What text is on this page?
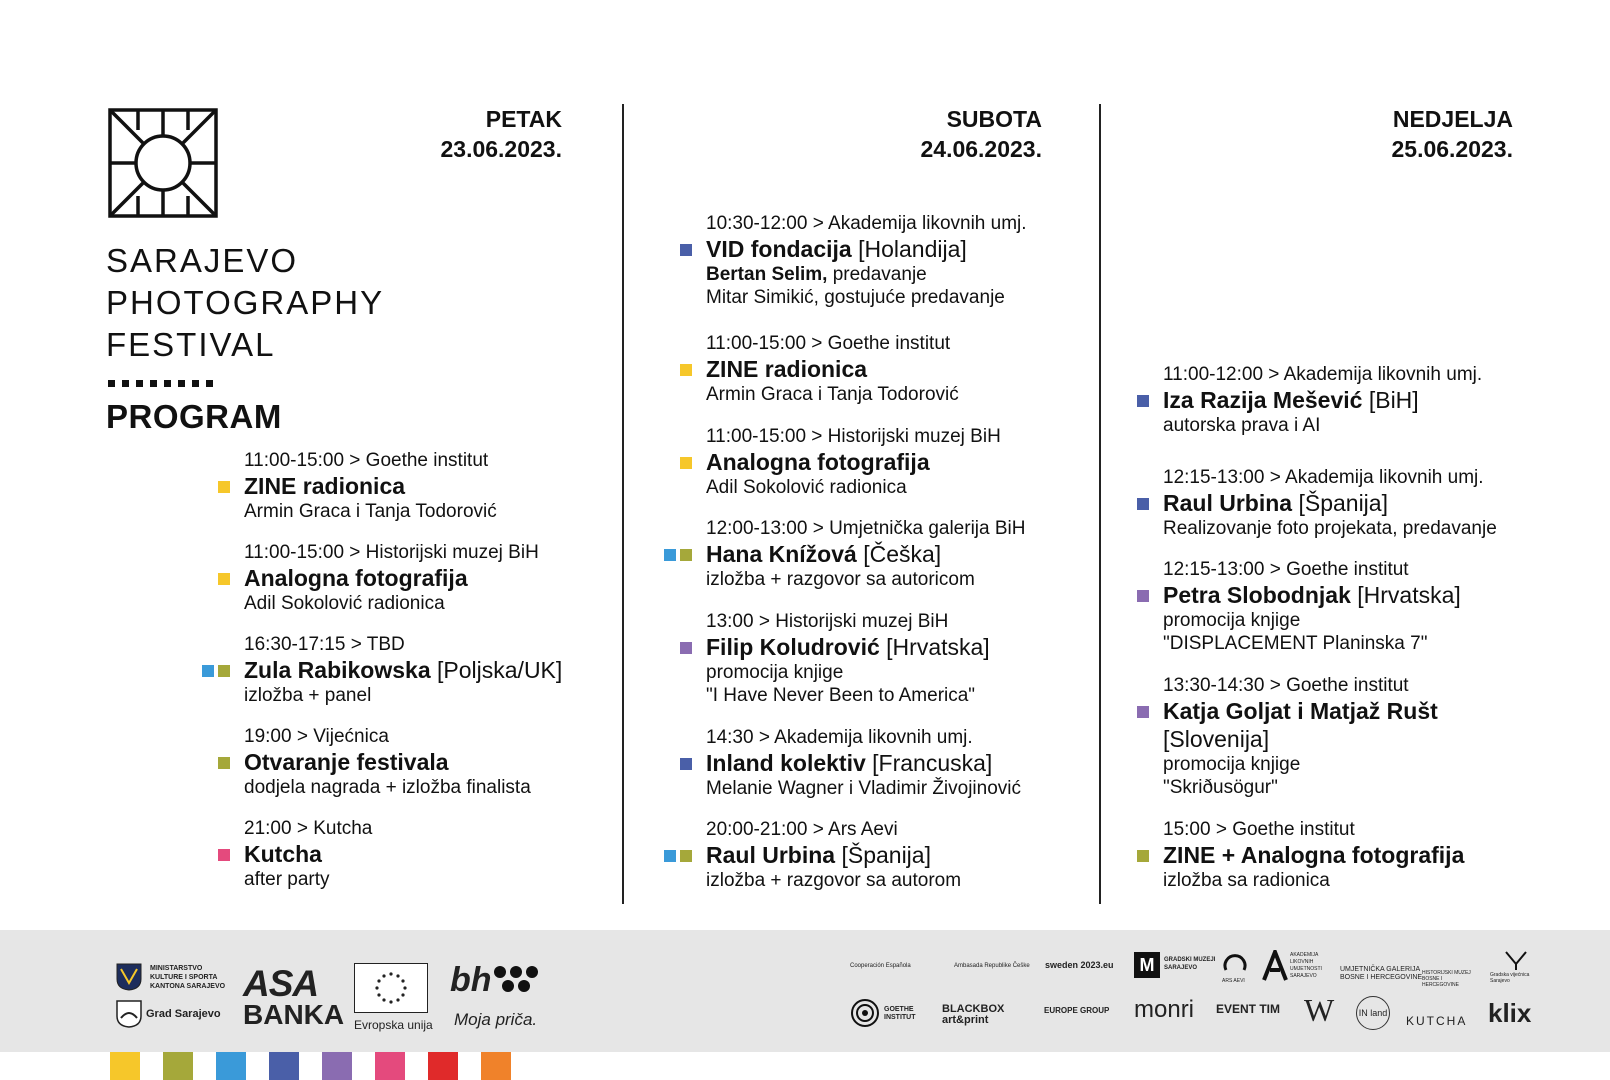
SARAJEVO
PHOTOGRAPHY
FESTIVAL
PROGRAM
PETAK
23.06.2023.
SUBOTA
24.06.2023.
NEDJELJA
25.06.2023.
11:00-15:00 > Goethe institut
ZINE radionica
Armin Graca i Tanja Todorović
11:00-15:00 > Historijski muzej BiH
Analogna fotografija
Adil Sokolović radionica
16:30-17:15 > TBD
Zula Rabikowska [Poljska/UK]
izložba + panel
19:00 > Vijećnica
Otvaranje festivala
dodjela nagrada + izložba finalista
21:00 > Kutcha
Kutcha
after party
10:30-12:00 > Akademija likovnih umj.
VID fondacija [Holandija]
Bertan Selim, predavanje
Mitar Simikić, gostujuće predavanje
11:00-15:00 > Goethe institut
ZINE radionica
Armin Graca i Tanja Todorović
11:00-15:00 > Historijski muzej BiH
Analogna fotografija
Adil Sokolović radionica
12:00-13:00 > Umjetnička galerija BiH
Hana Knížová [Češka]
izložba + razgovor sa autoricom
13:00 > Historijski muzej BiH
Filip Koludrović [Hrvatska]
promocija knjige
"I Have Never Been to America"
14:30 > Akademija likovnih umj.
Inland kolektiv [Francuska]
Melanie Wagner i Vladimir Živojinović
20:00-21:00 > Ars Aevi
Raul Urbina [Španija]
izložba + razgovor sa autorom
11:00-12:00 > Akademija likovnih umj.
Iza Razija Mešević [BiH]
autorska prava i AI
12:15-13:00 > Akademija likovnih umj.
Raul Urbina [Španija]
Realizovanje foto projekata, predavanje
12:15-13:00 > Goethe institut
Petra Slobodnjak [Hrvatska]
promocija knjige
"DISPLACEMENT Planinska 7"
13:30-14:30 > Goethe institut
Katja Goljat i Matjaž Rušt
[Slovenija]
promocija knjige
"Skriðusögur"
15:00 > Goethe institut
ZINE + Analogna fotografija
izložba sa radionica
MINISTARSTVO KULTURE I SPORTA KANTONA SARAJEVO
Grad Sarajevo
ASA
BANKA Evropska unija
bh
Moja priča.
Cooperación Española	Ambasada Republike Češke	sweden 2023.eu	M	GRADSKI MUZEJI SARAJEVO
ARS AEVI
AKADEMIJA LIKOVNIH UMJETNOSTI SARAJEVO
UMJETNIČKA GALERIJA BOSNE I HERCEGOVINE
HISTORIJSKI MUZEJ BOSNE I HERCEGOVINE
Gradska vijećnica Sarajevo
GOETHE INSTITUT
BLACKBOX art&print
EUROPE GROUP monri EVENT TIM W	IN land
KUTCHA klix
